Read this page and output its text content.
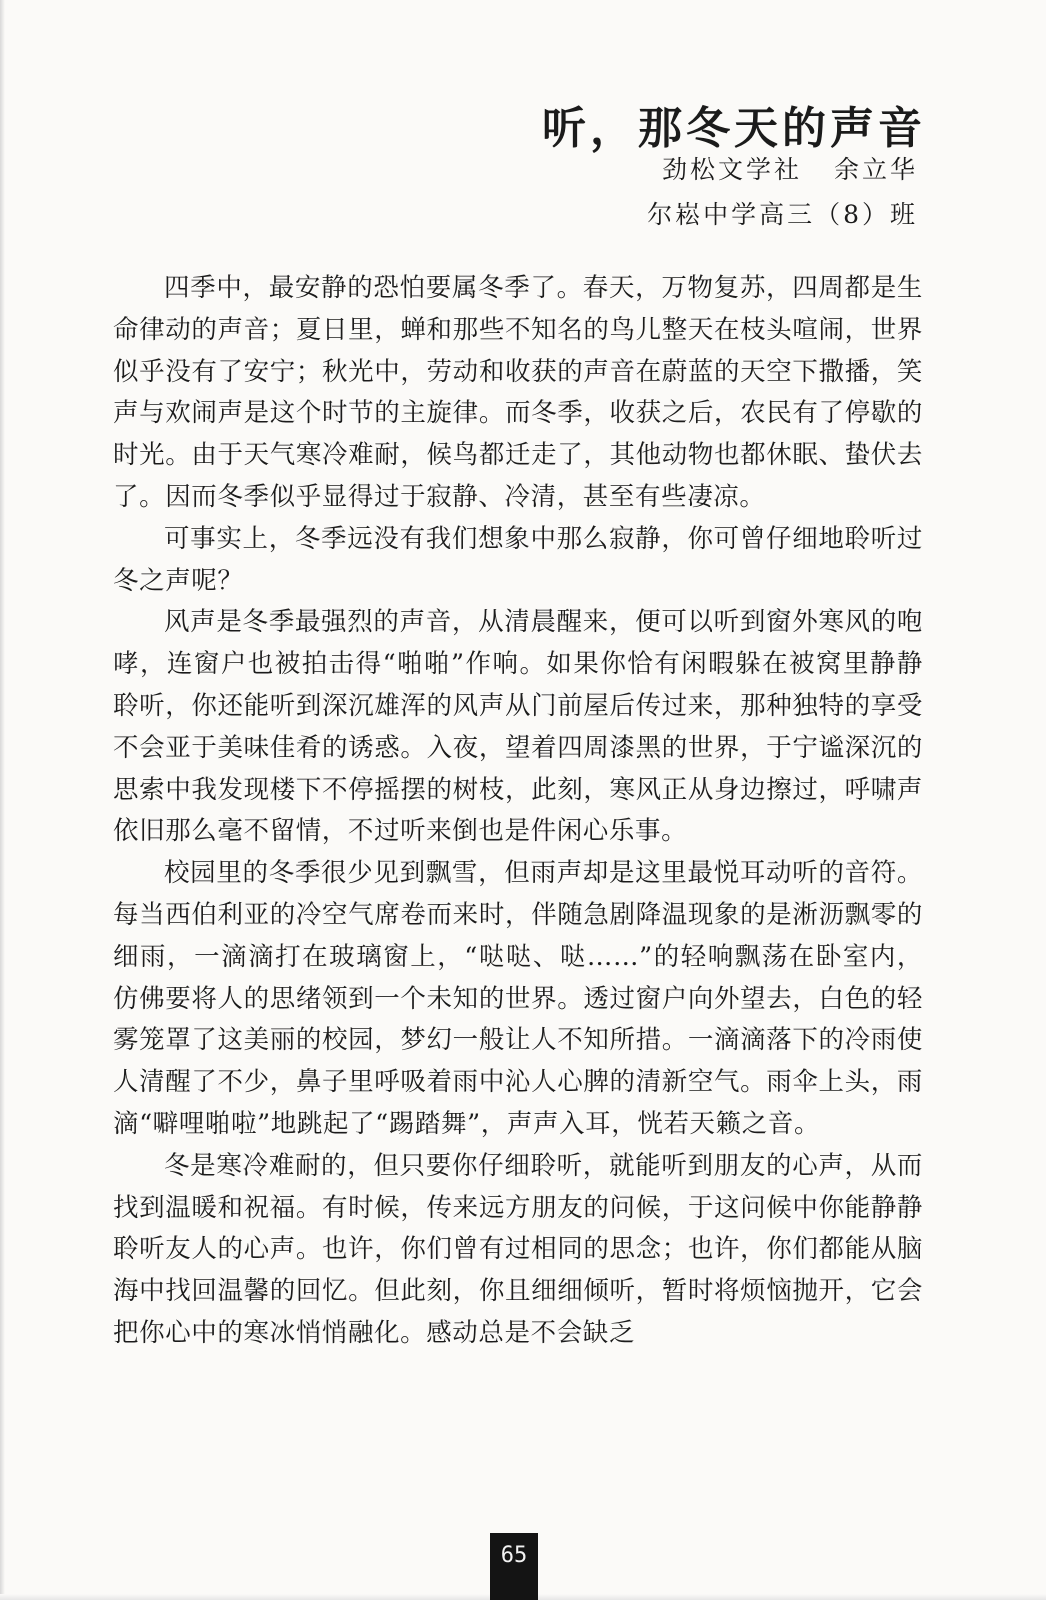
听，那冬天的声音
劲松文学社 余立华
尔崧中学高三（8）班

四季中，最安静的恐怕要属冬季了。春天，万物复苏，四周都是生命律动的声音；夏日里，蝉和那些不知名的鸟儿整天在枝头喧闹，世界似乎没有了安宁；秋光中，劳动和收获的声音在蔚蓝的天空下撒播，笑声与欢闹声是这个时节的主旋律。而冬季，收获之后，农民有了停歇的时光。由于天气寒冷难耐，候鸟都迁走了，其他动物也都休眠、蛰伏去了。因而冬季似乎显得过于寂静、冷清，甚至有些凄凉。

可事实上，冬季远没有我们想象中那么寂静，你可曾仔细地聆听过冬之声呢？

风声是冬季最强烈的声音，从清晨醒来，便可以听到窗外寒风的咆哮，连窗户也被拍击得“啪啪”作响。如果你恰有闲暇躲在被窝里静静聆听，你还能听到深沉雄浑的风声从门前屋后传过来，那种独特的享受不会亚于美味佳肴的诱惑。入夜，望着四周漆黑的世界，于宁谧深沉的思索中我发现楼下不停摇摆的树枝，此刻，寒风正从身边擦过，呼啸声依旧那么毫不留情，不过听来倒也是件闲心乐事。

校园里的冬季很少见到飘雪，但雨声却是这里最悦耳动听的音符。每当西伯利亚的冷空气席卷而来时，伴随急剧降温现象的是淅沥飘零的细雨，一滴滴打在玻璃窗上，“哒哒、哒……”的轻响飘荡在卧室内，仿佛要将人的思绪领到一个未知的世界。透过窗户向外望去，白色的轻雾笼罩了这美丽的校园，梦幻一般让人不知所措。一滴滴落下的冷雨使人清醒了不少，鼻子里呼吸着雨中沁人心脾的清新空气。雨伞上头，雨滴“噼哩啪啦”地跳起了“踢踏舞”，声声入耳，恍若天籁之音。

冬是寒冷难耐的，但只要你仔细聆听，就能听到朋友的心声，从而找到温暖和祝福。有时候，传来远方朋友的问候，于这问候中你能静静聆听友人的心声。也许，你们曾有过相同的思念；也许，你们都能从脑海中找回温馨的回忆。但此刻，你且细细倾听，暂时将烦恼抛开，它会把你心中的寒冰悄悄融化。感动总是不会缺乏

65
